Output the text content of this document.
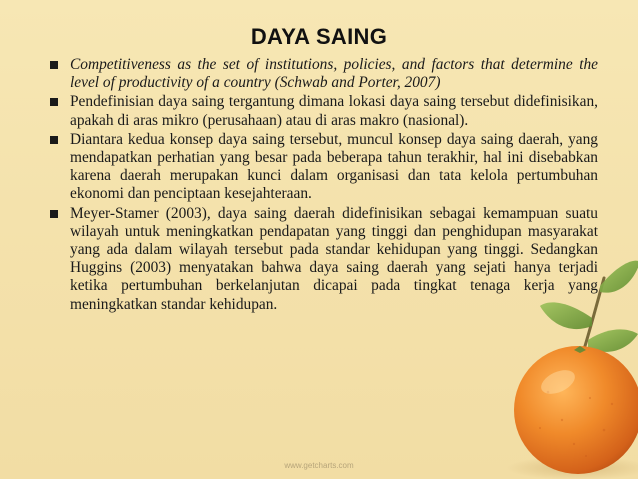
DAYA SAING
Competitiveness as the set of institutions, policies, and factors that determine the level of productivity of a country (Schwab and Porter, 2007)
Pendefinisian daya saing tergantung dimana lokasi daya saing tersebut didefinisikan, apakah di aras mikro (perusahaan) atau di aras makro (nasional).
Diantara kedua konsep daya saing tersebut, muncul konsep daya saing daerah, yang mendapatkan perhatian yang besar pada beberapa tahun terakhir, hal ini disebabkan karena daerah merupakan kunci dalam organisasi dan tata kelola pertumbuhan ekonomi dan penciptaan kesejahteraan.
Meyer-Stamer (2003), daya saing daerah didefinisikan sebagai kemampuan suatu wilayah untuk meningkatkan pendapatan yang tinggi dan penghidupan masyarakat yang ada dalam wilayah tersebut pada standar kehidupan yang tinggi. Sedangkan Huggins (2003) menyatakan bahwa daya saing daerah yang sejati hanya terjadi ketika pertumbuhan berkelanjutan dicapai pada tingkat tenaga kerja yang meningkatkan standar kehidupan.
www.getcharts.com
